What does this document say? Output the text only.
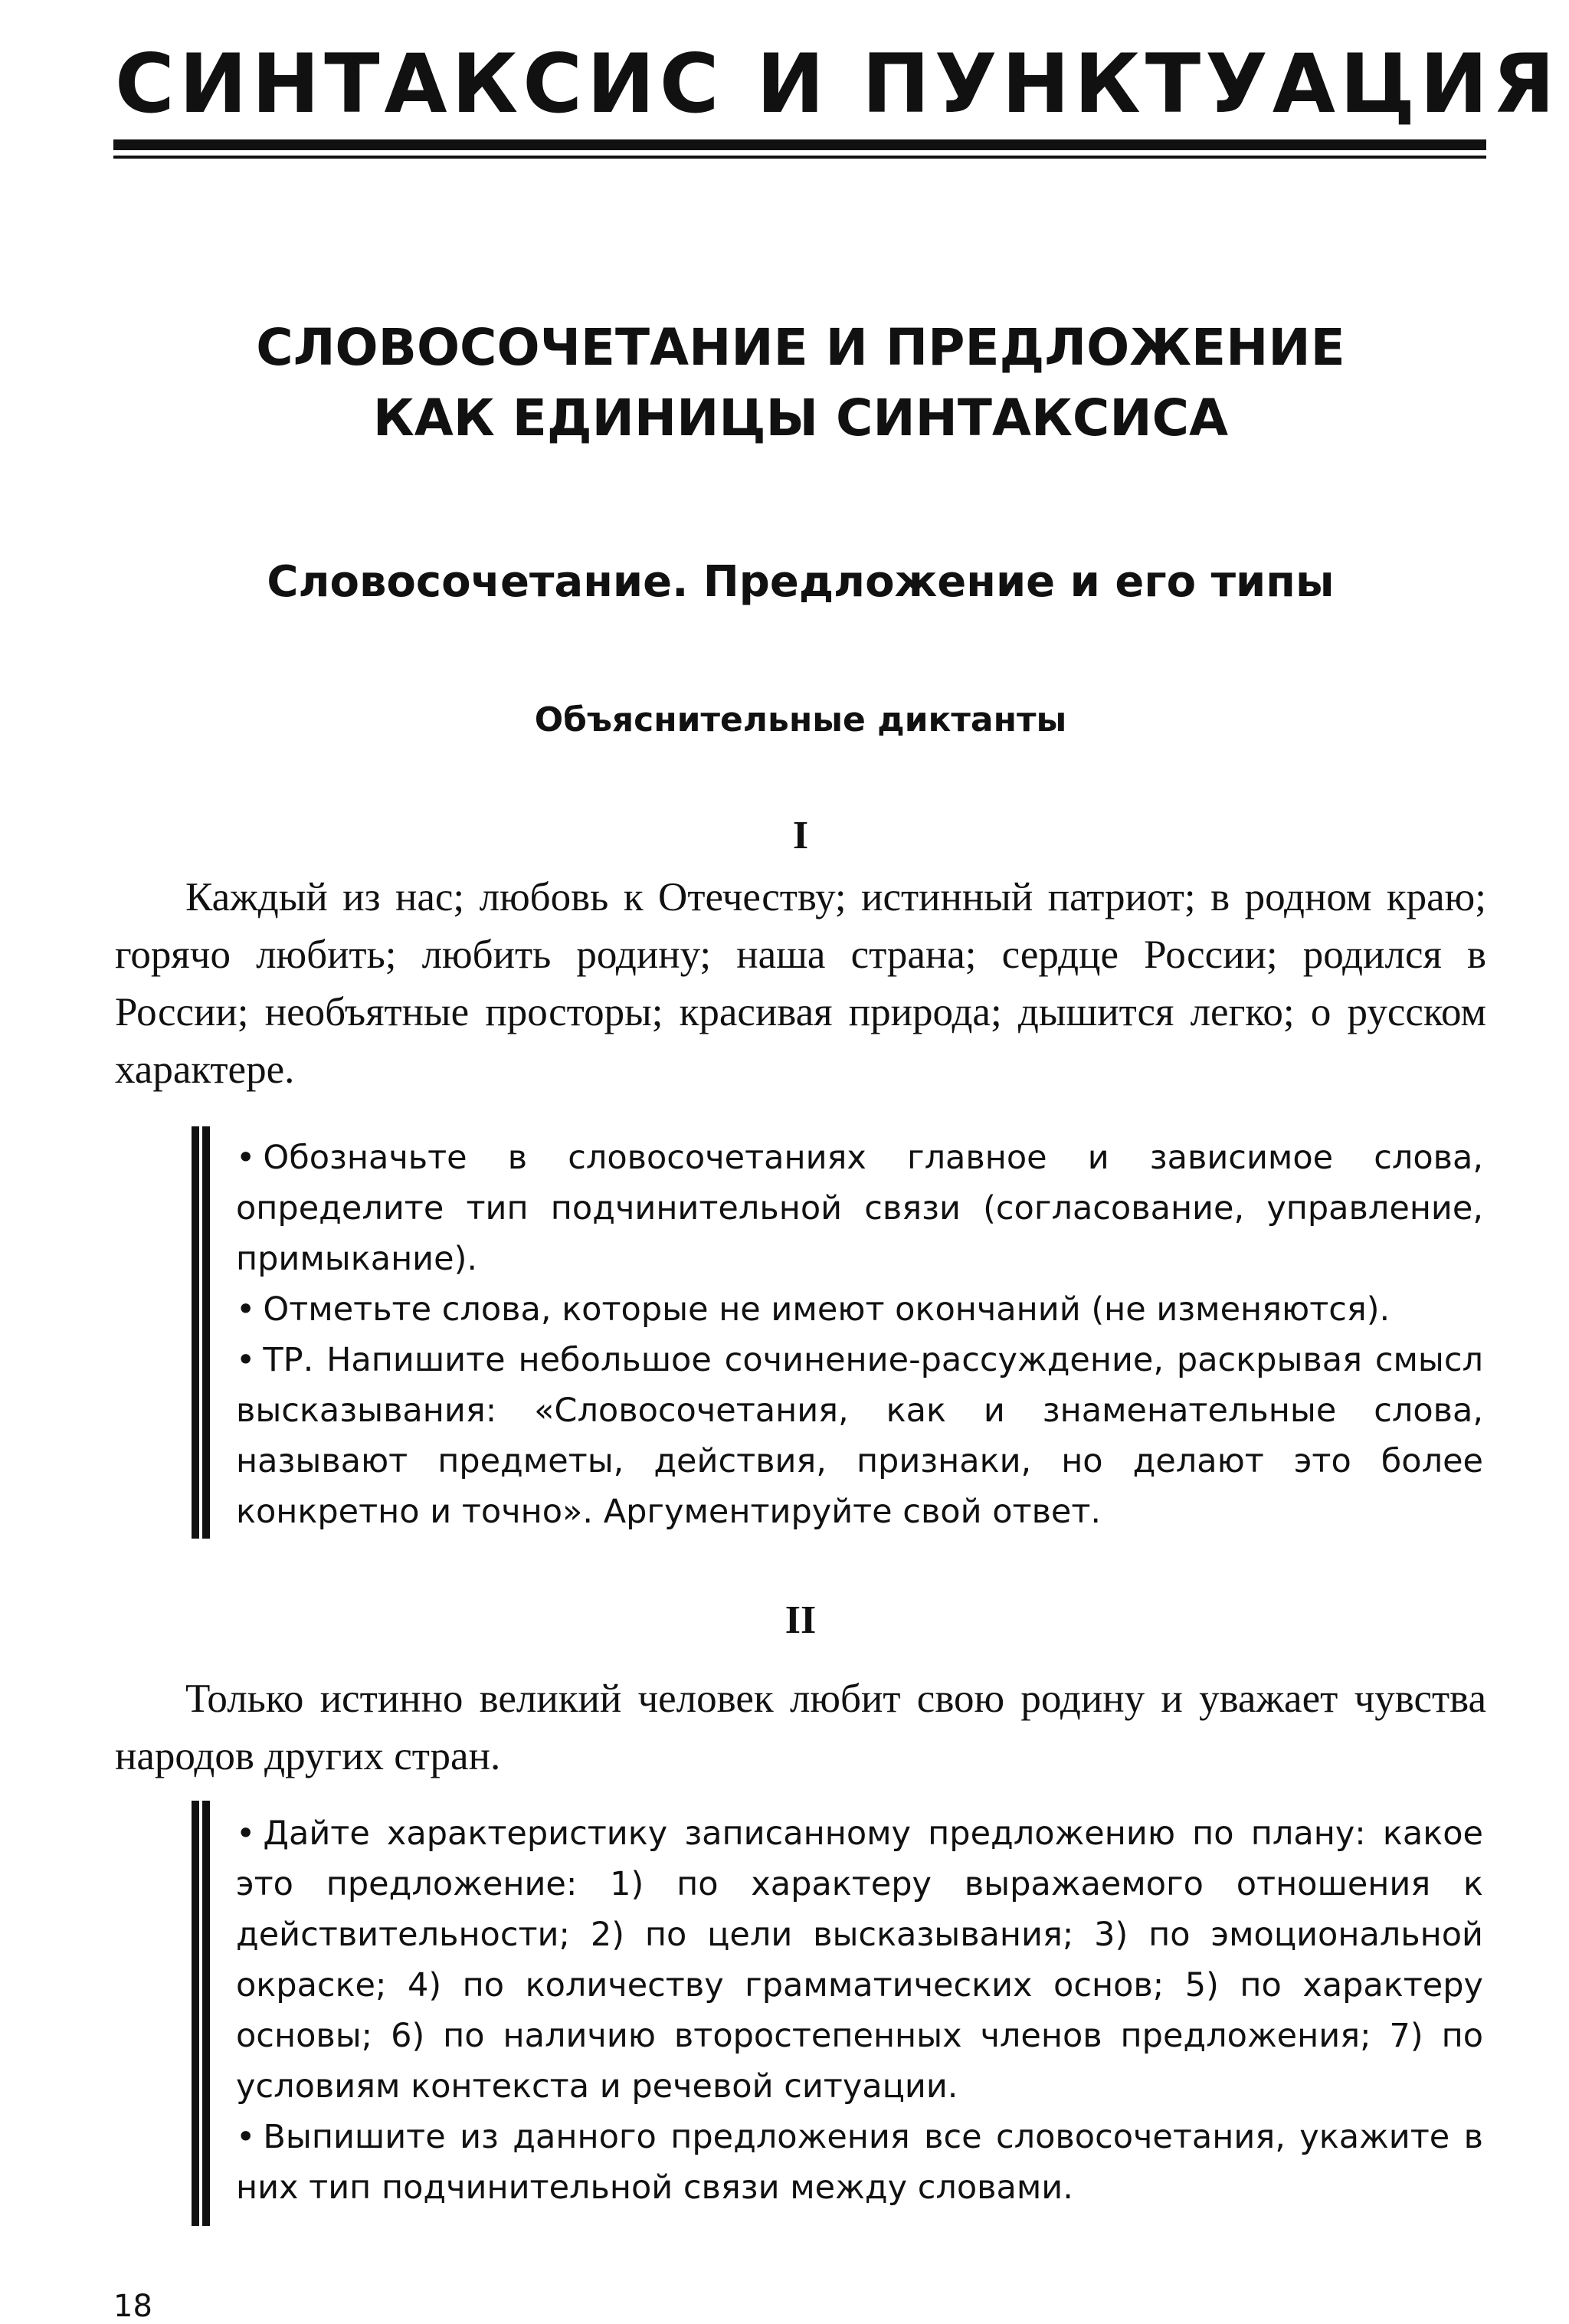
СИНТАКСИС И ПУНКТУАЦИЯ
СЛОВОСОЧЕТАНИЕ И ПРЕДЛОЖЕНИЕ
КАК ЕДИНИЦЫ СИНТАКСИСА
Словосочетание. Предложение и его типы
Объяснительные диктанты
I
Каждый из нас; любовь к Отечеству; истинный патриот; в родном краю; горячо любить; любить родину; наша страна; сердце России; родился в России; необъятные просторы; красивая природа; дышится легко; о русском характере.
• Обозначьте в словосочетаниях главное и зависимое слова, определите тип подчинительной связи (согласование, управление, примыкание).
• Отметьте слова, которые не имеют окончаний (не изменяются).
• ТР. Напишите небольшое сочинение-рассуждение, раскрывая смысл высказывания: «Словосочетания, как и знаменательные слова, называют предметы, действия, признаки, но делают это более конкретно и точно». Аргументируйте свой ответ.
II
Только истинно великий человек любит свою родину и уважает чувства народов других стран.
• Дайте характеристику записанному предложению по плану: какое это предложение: 1) по характеру выражаемого отношения к действительности; 2) по цели высказывания; 3) по эмоциональной окраске; 4) по количеству грамматических основ; 5) по характеру основы; 6) по наличию второстепенных членов предложения; 7) по условиям контекста и речевой ситуации.
• Выпишите из данного предложения все словосочетания, укажите в них тип подчинительной связи между словами.
18
